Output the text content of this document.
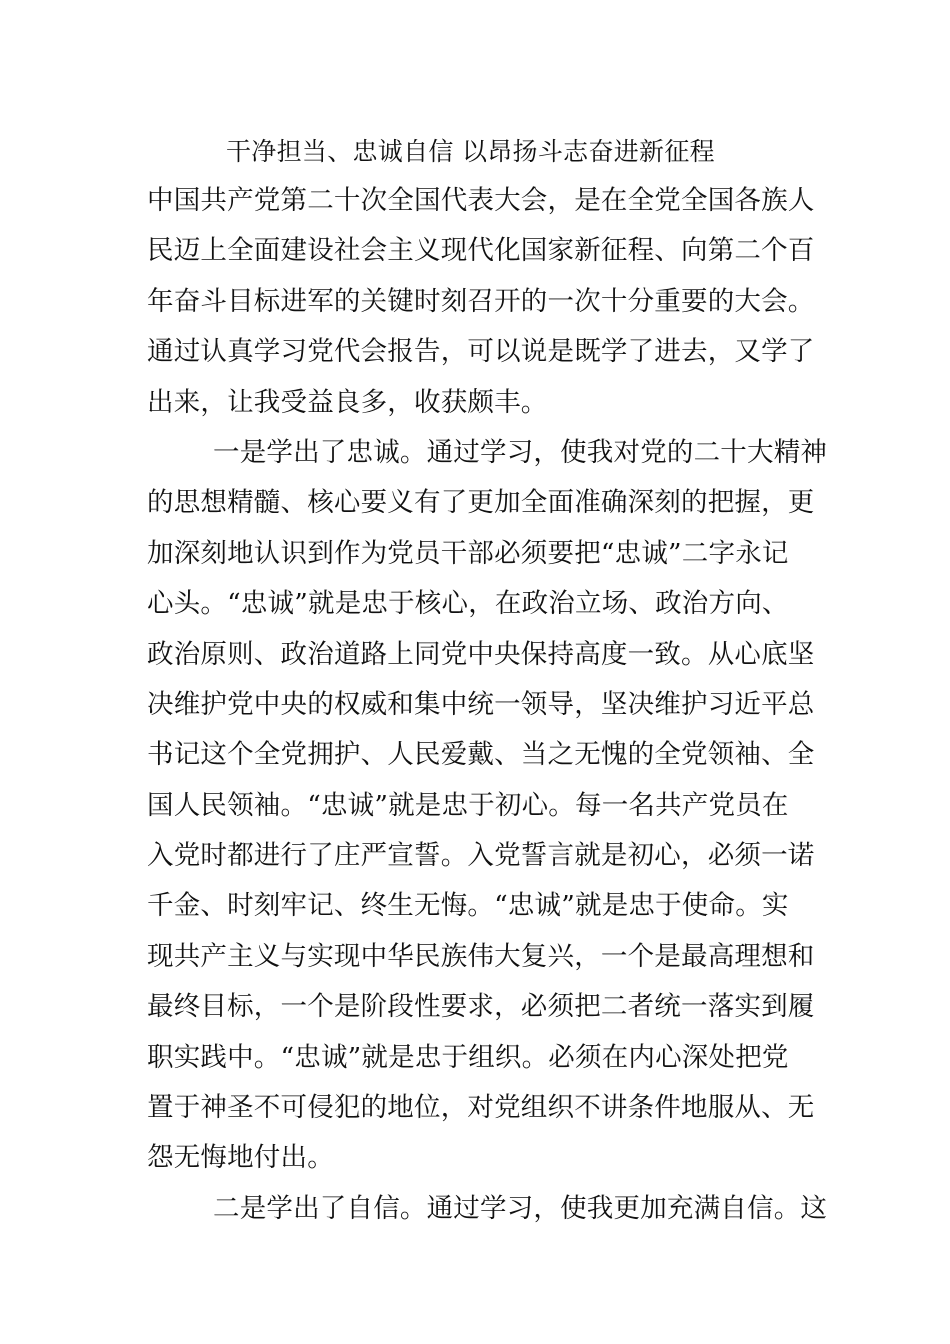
干净担当、忠诚自信 以昂扬斗志奋进新征程
中国共产党第二十次全国代表大会，是在全党全国各族人
民迈上全面建设社会主义现代化国家新征程、向第二个百
年奋斗目标进军的关键时刻召开的一次十分重要的大会。
通过认真学习党代会报告，可以说是既学了进去，又学了
出来，让我受益良多，收获颇丰。
一是学出了忠诚。通过学习，使我对党的二十大精神
的思想精髓、核心要义有了更加全面准确深刻的把握，更
加深刻地认识到作为党员干部必须要把“忠诚”二字永记
心头。“忠诚”就是忠于核心，在政治立场、政治方向、
政治原则、政治道路上同党中央保持高度一致。从心底坚
决维护党中央的权威和集中统一领导，坚决维护习近平总
书记这个全党拥护、人民爱戴、当之无愧的全党领袖、全
国人民领袖。“忠诚”就是忠于初心。每一名共产党员在
入党时都进行了庄严宣誓。入党誓言就是初心，必须一诺
千金、时刻牢记、终生无悔。“忠诚”就是忠于使命。实
现共产主义与实现中华民族伟大复兴，一个是最高理想和
最终目标，一个是阶段性要求，必须把二者统一落实到履
职实践中。“忠诚”就是忠于组织。必须在内心深处把党
置于神圣不可侵犯的地位，对党组织不讲条件地服从、无
怨无悔地付出。
二是学出了自信。通过学习，使我更加充满自信。这
